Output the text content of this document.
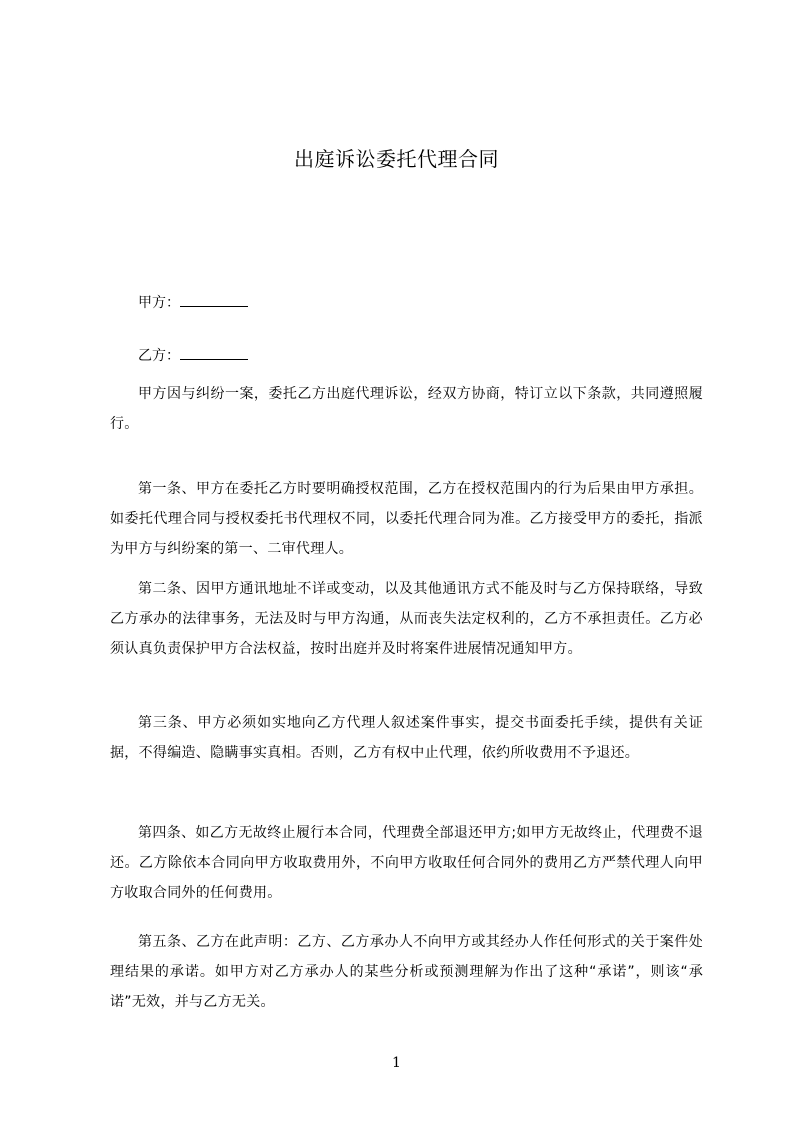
出庭诉讼委托代理合同
甲方：
乙方：

甲方因与纠纷一案，委托乙方出庭代理诉讼，经双方协商，特订立以下条款，共同遵照履行。

第一条、甲方在委托乙方时要明确授权范围，乙方在授权范围内的行为后果由甲方承担。如委托代理合同与授权委托书代理权不同，以委托代理合同为准。乙方接受甲方的委托，指派为甲方与纠纷案的第一、二审代理人。

第二条、因甲方通讯地址不详或变动，以及其他通讯方式不能及时与乙方保持联络，导致乙方承办的法律事务，无法及时与甲方沟通，从而丧失法定权利的，乙方不承担责任。乙方必须认真负责保护甲方合法权益，按时出庭并及时将案件进展情况通知甲方。

第三条、甲方必须如实地向乙方代理人叙述案件事实，提交书面委托手续，提供有关证据，不得编造、隐瞒事实真相。否则，乙方有权中止代理，依约所收费用不予退还。

第四条、如乙方无故终止履行本合同，代理费全部退还甲方;如甲方无故终止，代理费不退还。乙方除依本合同向甲方收取费用外，不向甲方收取任何合同外的费用乙方严禁代理人向甲方收取合同外的任何费用。

第五条、乙方在此声明：乙方、乙方承办人不向甲方或其经办人作任何形式的关于案件处理结果的承诺。如甲方对乙方承办人的某些分析或预测理解为作出了这种“承诺”，则该“承诺”无效，并与乙方无关。

1
